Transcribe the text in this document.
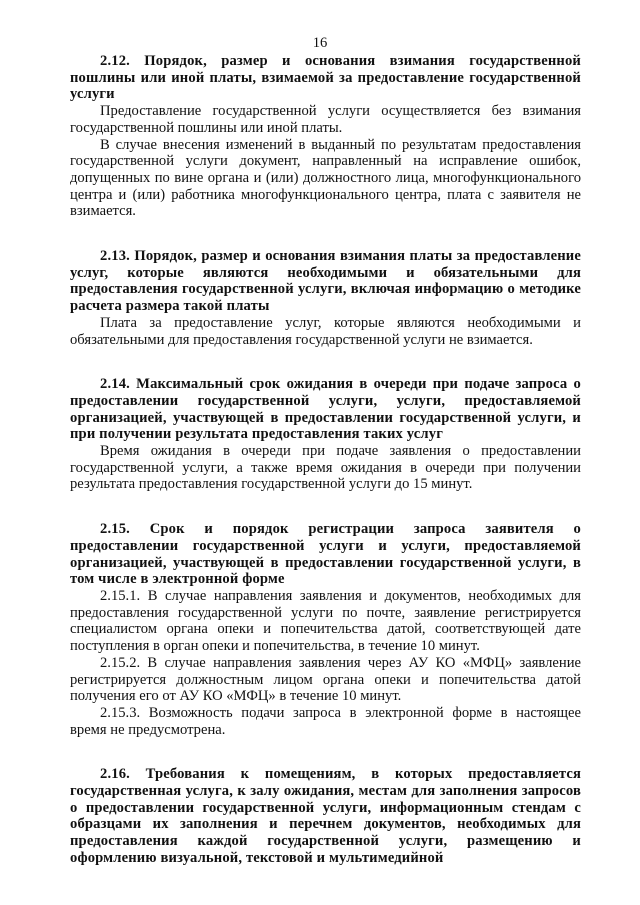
16

2.12. Порядок, размер и основания взимания государственной пошлины или иной платы, взимаемой за предоставление государственной услуги

Предоставление государственной услуги осуществляется без взимания государственной пошлины или иной платы.

В случае внесения изменений в выданный по результатам предоставления государственной услуги документ, направленный на исправление ошибок, допущенных по вине органа и (или) должностного лица, многофункционального центра и (или) работника многофункционального центра, плата с заявителя не взимается.

2.13. Порядок, размер и основания взимания платы за предоставление услуг, которые являются необходимыми и обязательными для предоставления государственной услуги, включая информацию о методике расчета размера такой платы

Плата за предоставление услуг, которые являются необходимыми и обязательными для предоставления государственной услуги не взимается.

2.14. Максимальный срок ожидания в очереди при подаче запроса о предоставлении государственной услуги, услуги, предоставляемой организацией, участвующей в предоставлении государственной услуги, и при получении результата предоставления таких услуг

Время ожидания в очереди при подаче заявления о предоставлении государственной услуги, а также время ожидания в очереди при получении результата предоставления государственной услуги до 15 минут.

2.15. Срок и порядок регистрации запроса заявителя о предоставлении государственной услуги и услуги, предоставляемой организацией, участвующей в предоставлении государственной услуги, в том числе в электронной форме

2.15.1. В случае направления заявления и документов, необходимых для предоставления государственной услуги по почте, заявление регистрируется специалистом органа опеки и попечительства датой, соответствующей дате поступления в орган опеки и попечительства, в течение 10 минут.

2.15.2. В случае направления заявления через АУ КО «МФЦ» заявление регистрируется должностным лицом органа опеки и попечительства датой получения его от АУ КО «МФЦ» в течение 10 минут.

2.15.3. Возможность подачи запроса в электронной форме в настоящее время не предусмотрена.

2.16. Требования к помещениям, в которых предоставляется государственная услуга, к залу ожидания, местам для заполнения запросов о предоставлении государственной услуги, информационным стендам с образцами их заполнения и перечнем документов, необходимых для предоставления каждой государственной услуги, размещению и оформлению визуальной, текстовой и мультимедийной
